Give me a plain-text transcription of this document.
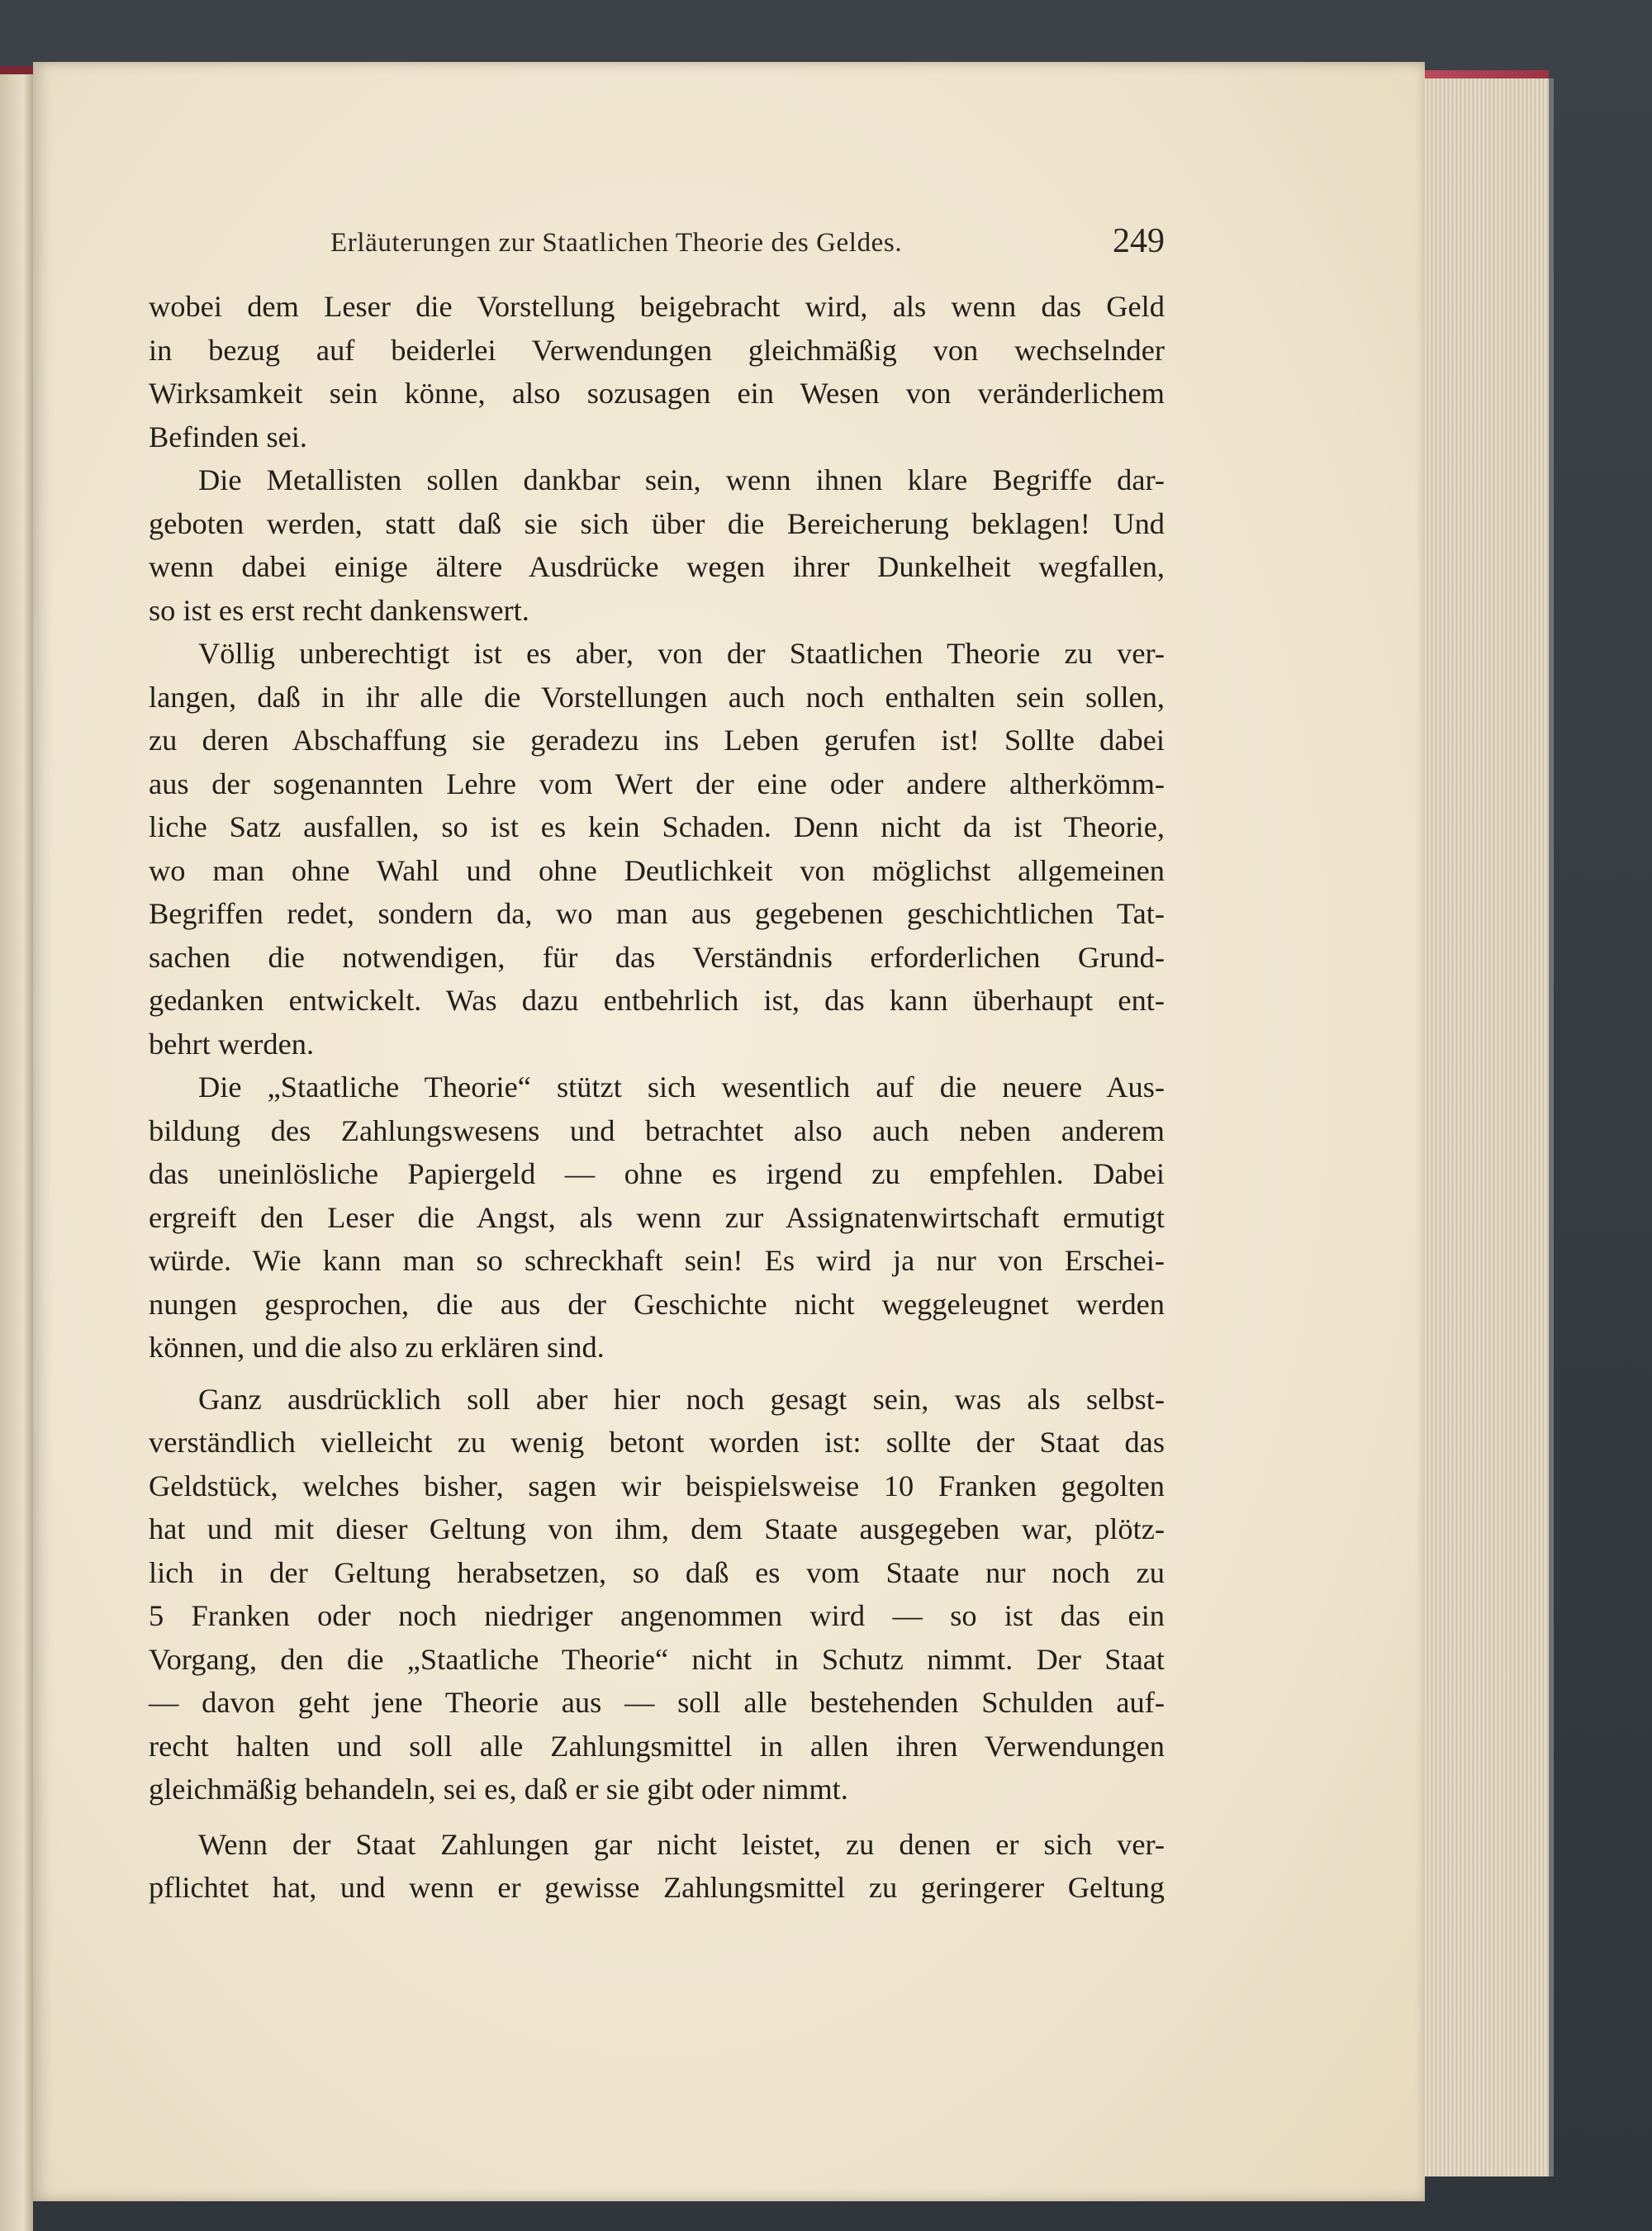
Erläuterungen zur Staatlichen Theorie des Geldes.	249
wobei dem Leser die Vorstellung beigebracht wird, als wenn das Geld
in bezug auf beiderlei Verwendungen gleichmäßig von wechselnder
Wirksamkeit sein könne, also sozusagen ein Wesen von veränderlichem
Befinden sei.
Die Metallisten sollen dankbar sein, wenn ihnen klare Begriffe dar-
geboten werden, statt daß sie sich über die Bereicherung beklagen! Und
wenn dabei einige ältere Ausdrücke wegen ihrer Dunkelheit wegfallen,
so ist es erst recht dankenswert.
Völlig unberechtigt ist es aber, von der Staatlichen Theorie zu ver-
langen, daß in ihr alle die Vorstellungen auch noch enthalten sein sollen,
zu deren Abschaffung sie geradezu ins Leben gerufen ist! Sollte dabei
aus der sogenannten Lehre vom Wert der eine oder andere altherkömm-
liche Satz ausfallen, so ist es kein Schaden. Denn nicht da ist Theorie,
wo man ohne Wahl und ohne Deutlichkeit von möglichst allgemeinen
Begriffen redet, sondern da, wo man aus gegebenen geschichtlichen Tat-
sachen die notwendigen, für das Verständnis erforderlichen Grund-
gedanken entwickelt. Was dazu entbehrlich ist, das kann überhaupt ent-
behrt werden.
Die „Staatliche Theorie“ stützt sich wesentlich auf die neuere Aus-
bildung des Zahlungswesens und betrachtet also auch neben anderem
das uneinlösliche Papiergeld — ohne es irgend zu empfehlen. Dabei
ergreift den Leser die Angst, als wenn zur Assignatenwirtschaft ermutigt
würde. Wie kann man so schreckhaft sein! Es wird ja nur von Erschei-
nungen gesprochen, die aus der Geschichte nicht weggeleugnet werden
können, und die also zu erklären sind.
Ganz ausdrücklich soll aber hier noch gesagt sein, was als selbst-
verständlich vielleicht zu wenig betont worden ist: sollte der Staat das
Geldstück, welches bisher, sagen wir beispielsweise 10 Franken gegolten
hat und mit dieser Geltung von ihm, dem Staate ausgegeben war, plötz-
lich in der Geltung herabsetzen, so daß es vom Staate nur noch zu
5 Franken oder noch niedriger angenommen wird — so ist das ein
Vorgang, den die „Staatliche Theorie“ nicht in Schutz nimmt. Der Staat
— davon geht jene Theorie aus — soll alle bestehenden Schulden auf-
recht halten und soll alle Zahlungsmittel in allen ihren Verwendungen
gleichmäßig behandeln, sei es, daß er sie gibt oder nimmt.
Wenn der Staat Zahlungen gar nicht leistet, zu denen er sich ver-
pflichtet hat, und wenn er gewisse Zahlungsmittel zu geringerer Geltung
